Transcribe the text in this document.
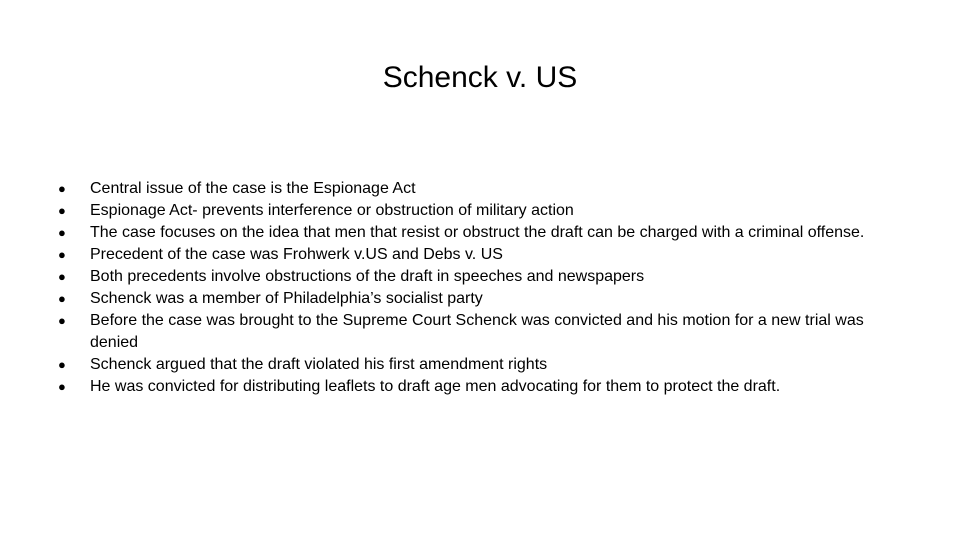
Schenck v. US
● Central issue of the case is the Espionage Act
● Espionage Act- prevents interference or obstruction of military action
● The case focuses on the idea that men that resist or obstruct the draft can be charged with a criminal offense.
● Precedent of the case was Frohwerk v.US and Debs v. US
● Both precedents involve obstructions of the draft in speeches and newspapers
● Schenck was a member of Philadelphia’s socialist party
● Before the case was brought to the Supreme Court Schenck was convicted and his motion for a new trial was denied
● Schenck argued that the draft violated his first amendment rights
● He was convicted for distributing leaflets to draft age men advocating for them to protect the draft.
